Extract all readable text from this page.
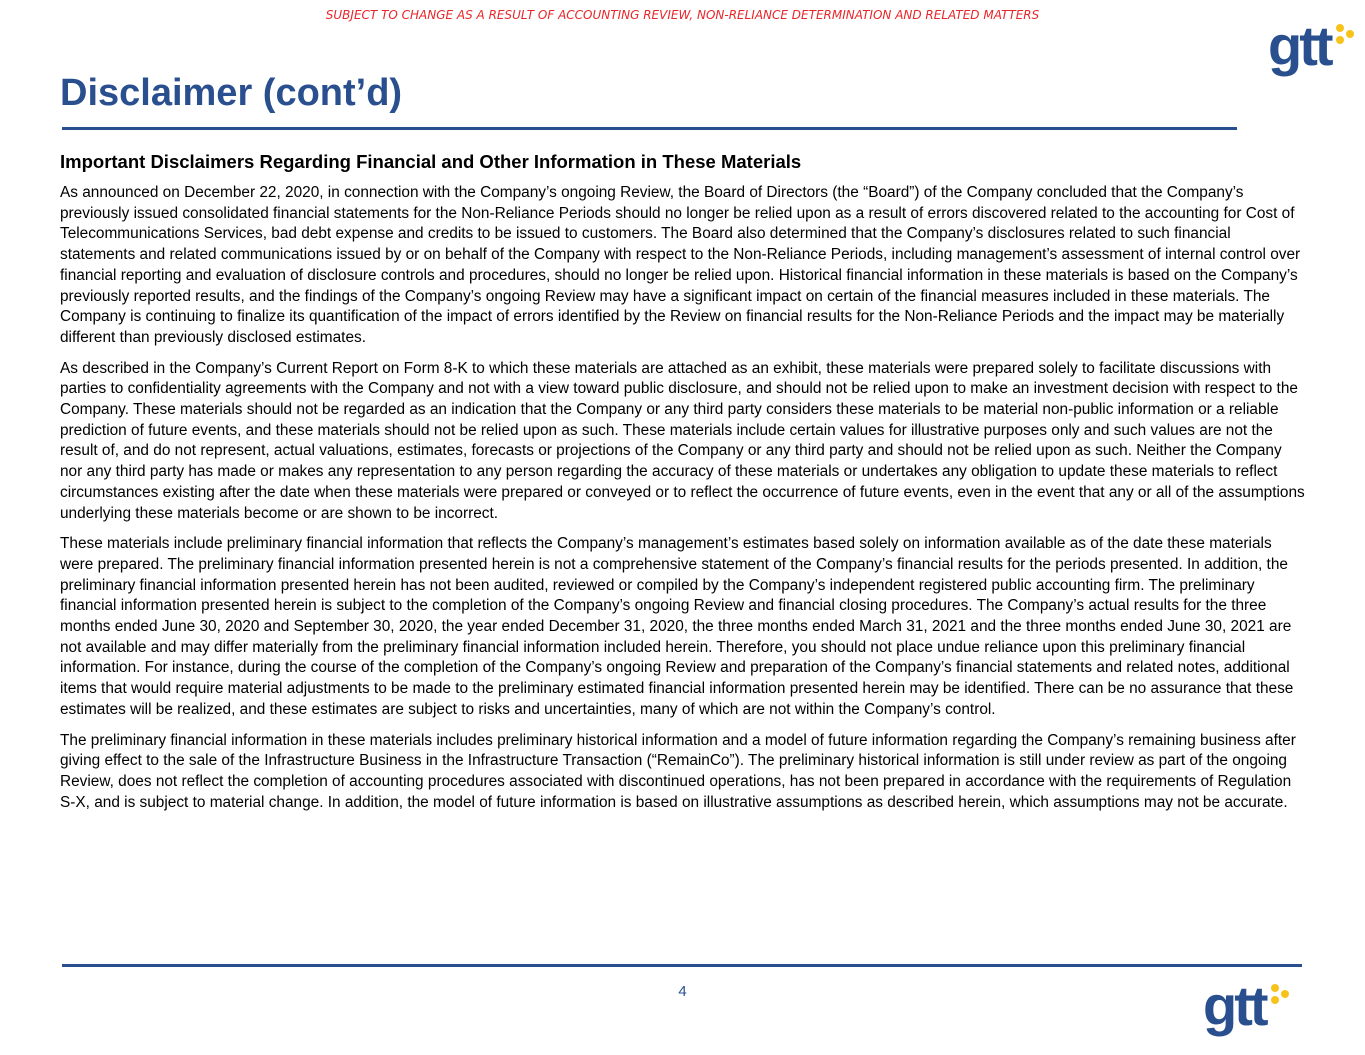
SUBJECT TO CHANGE AS A RESULT OF ACCOUNTING REVIEW, NON-RELIANCE DETERMINATION AND RELATED MATTERS	gtt
Disclaimer (cont’d)
Important Disclaimers Regarding Financial and Other Information in These Materials

As announced on December 22, 2020, in connection with the Company’s ongoing Review, the Board of Directors (the “Board”) of the Company concluded that the Company’s previously issued consolidated financial statements for the Non-Reliance Periods should no longer be relied upon as a result of errors discovered related to the accounting for Cost of Telecommunications Services, bad debt expense and credits to be issued to customers. The Board also determined that the Company’s disclosures related to such financial statements and related communications issued by or on behalf of the Company with respect to the Non-Reliance Periods, including management’s assessment of internal control over financial reporting and evaluation of disclosure controls and procedures, should no longer be relied upon. Historical financial information in these materials is based on the Company’s previously reported results, and the findings of the Company’s ongoing Review may have a significant impact on certain of the financial measures included in these materials. The Company is continuing to finalize its quantification of the impact of errors identified by the Review on financial results for the Non-Reliance Periods and the impact may be materially different than previously disclosed estimates.

As described in the Company’s Current Report on Form 8-K to which these materials are attached as an exhibit, these materials were prepared solely to facilitate discussions with parties to confidentiality agreements with the Company and not with a view toward public disclosure, and should not be relied upon to make an investment decision with respect to the Company. These materials should not be regarded as an indication that the Company or any third party considers these materials to be material non-public information or a reliable prediction of future events, and these materials should not be relied upon as such. These materials include certain values for illustrative purposes only and such values are not the result of, and do not represent, actual valuations, estimates, forecasts or projections of the Company or any third party and should not be relied upon as such. Neither the Company nor any third party has made or makes any representation to any person regarding the accuracy of these materials or undertakes any obligation to update these materials to reflect circumstances existing after the date when these materials were prepared or conveyed or to reflect the occurrence of future events, even in the event that any or all of the assumptions underlying these materials become or are shown to be incorrect.

These materials include preliminary financial information that reflects the Company’s management’s estimates based solely on information available as of the date these materials were prepared. The preliminary financial information presented herein is not a comprehensive statement of the Company’s financial results for the periods presented. In addition, the preliminary financial information presented herein has not been audited, reviewed or compiled by the Company’s independent registered public accounting firm. The preliminary financial information presented herein is subject to the completion of the Company’s ongoing Review and financial closing procedures. The Company’s actual results for the three months ended June 30, 2020 and September 30, 2020, the year ended December 31, 2020, the three months ended March 31, 2021 and the three months ended June 30, 2021 are not available and may differ materially from the preliminary financial information included herein. Therefore, you should not place undue reliance upon this preliminary financial information. For instance, during the course of the completion of the Company’s ongoing Review and preparation of the Company’s financial statements and related notes, additional items that would require material adjustments to be made to the preliminary estimated financial information presented herein may be identified. There can be no assurance that these estimates will be realized, and these estimates are subject to risks and uncertainties, many of which are not within the Company’s control.

The preliminary financial information in these materials includes preliminary historical information and a model of future information regarding the Company’s remaining business after giving effect to the sale of the Infrastructure Business in the Infrastructure Transaction (“RemainCo”). The preliminary historical information is still under review as part of the ongoing Review, does not reflect the completion of accounting procedures associated with discontinued operations, has not been prepared in accordance with the requirements of Regulation S-X, and is subject to material change. In addition, the model of future information is based on illustrative assumptions as described herein, which assumptions may not be accurate.

4	gtt
